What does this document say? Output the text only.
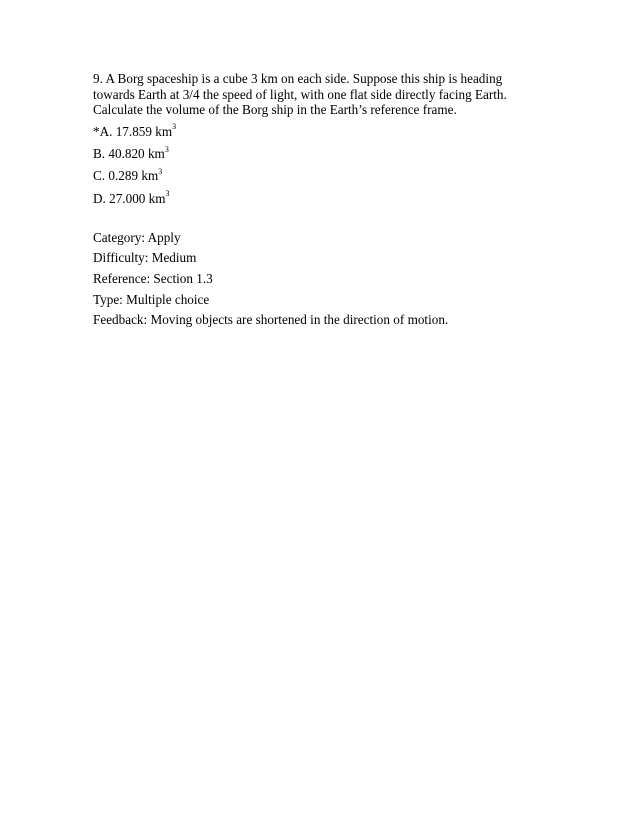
9. A Borg spaceship is a cube 3 km on each side. Suppose this ship is heading towards Earth at 3/4 the speed of light, with one flat side directly facing Earth. Calculate the volume of the Borg ship in the Earth’s reference frame.

*A. 17.859 $km^3$
B. 40.820 $km^3$
C. 0.289 $km^3$
D. 27.000 $km^3$
Category: Apply
Difficulty: Medium
Reference: Section 1.3
Type: Multiple choice
Feedback: Moving objects are shortened in the direction of motion.
